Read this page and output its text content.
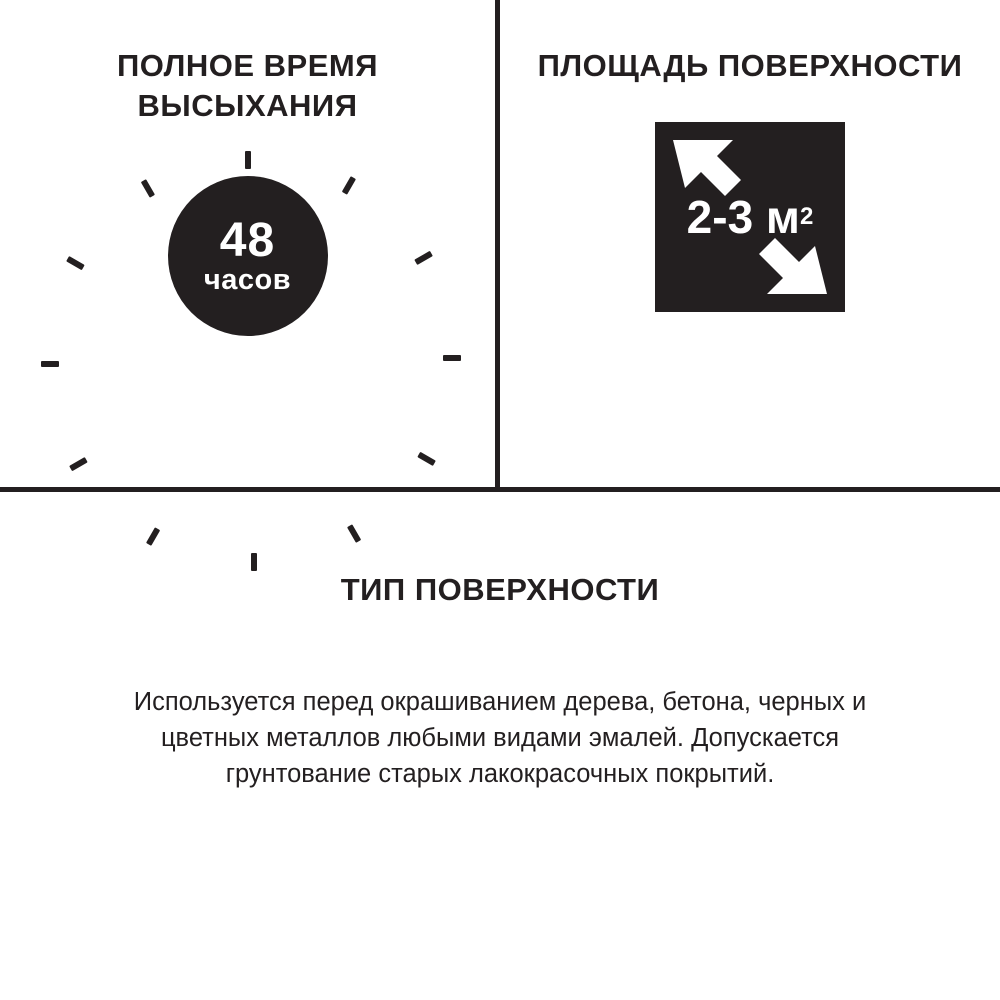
ПОЛНОЕ ВРЕМЯ ВЫСЫХАНИЯ
48
часов
ПЛОЩАДЬ ПОВЕРХНОСТИ
2-3 м 2
ТИП ПОВЕРХНОСТИ
Используется перед окрашиванием дерева, бетона, черных и цветных металлов любыми видами эмалей. Допускается грунтование старых лакокрасочных покрытий.
